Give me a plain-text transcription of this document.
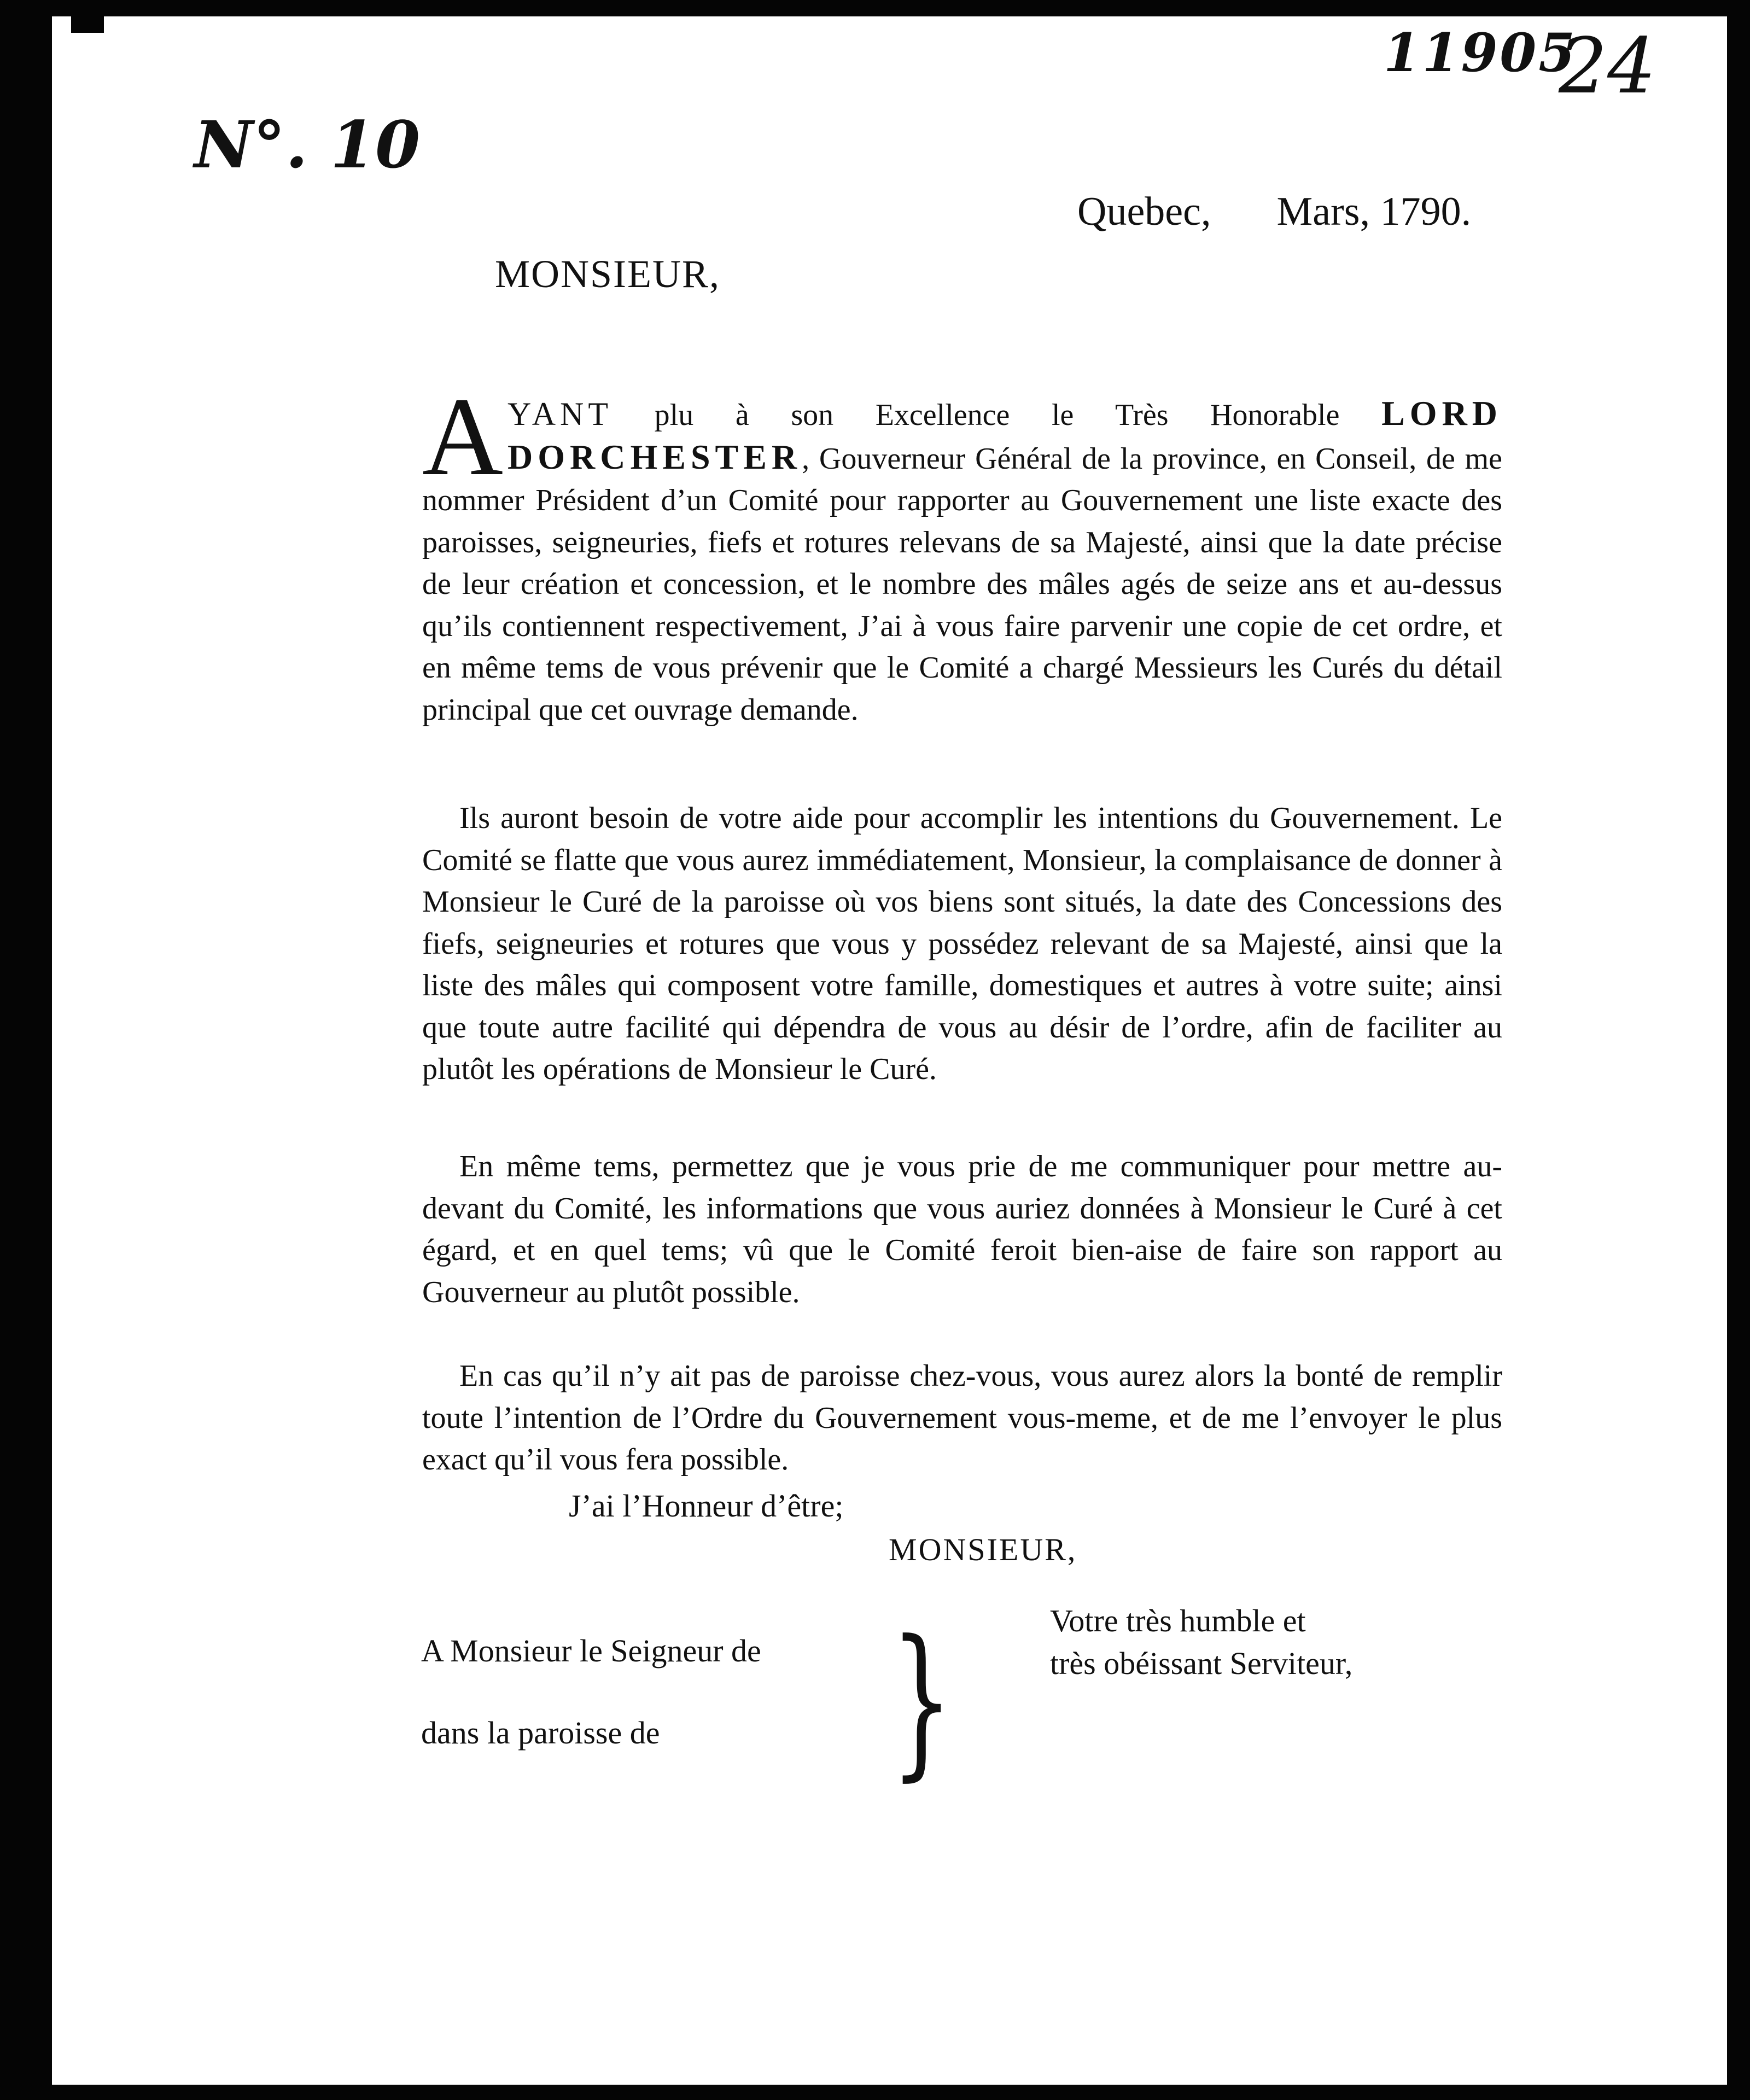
11905
24
N°. 10
Quebec, Mars, 1790.
MONSIEUR,
AYANT plu à son Excellence le Très Honorable LORD DORCHESTER, Gouverneur Général de la province, en Conseil, de me nommer Président d’un Comité pour rapporter au Gouvernement une liste exacte des paroisses, seigneuries, fiefs et rotures relevans de sa Majesté, ainsi que la date précise de leur création et concession, et le nombre des mâles agés de seize ans et au-dessus qu’ils contiennent respectivement, J’ai à vous faire parvenir une copie de cet ordre, et en même tems de vous prévenir que le Comité a chargé Messieurs les Curés du détail principal que cet ouvrage demande.
Ils auront besoin de votre aide pour accomplir les intentions du Gouvernement. Le Comité se flatte que vous aurez immédiatement, Monsieur, la complaisance de donner à Monsieur le Curé de la paroisse où vos biens sont situés, la date des Concessions des fiefs, seigneuries et rotures que vous y possédez relevant de sa Majesté, ainsi que la liste des mâles qui composent votre famille, domestiques et autres à votre suite; ainsi que toute autre facilité qui dépendra de vous au désir de l’ordre, afin de faciliter au plutôt les opérations de Monsieur le Curé.
En même tems, permettez que je vous prie de me communiquer pour mettre au-devant du Comité, les informations que vous auriez données à Monsieur le Curé à cet égard, et en quel tems; vû que le Comité feroit bien-aise de faire son rapport au Gouverneur au plutôt possible.
En cas qu’il n’y ait pas de paroisse chez-vous, vous aurez alors la bonté de remplir toute l’intention de l’Ordre du Gouvernement vous-meme, et de me l’envoyer le plus exact qu’il vous fera possible.
J’ai l’Honneur d’être;
MONSIEUR,
A Monsieur le Seigneur de
dans la paroisse de }	Votre très humble et
très obéissant Serviteur,
